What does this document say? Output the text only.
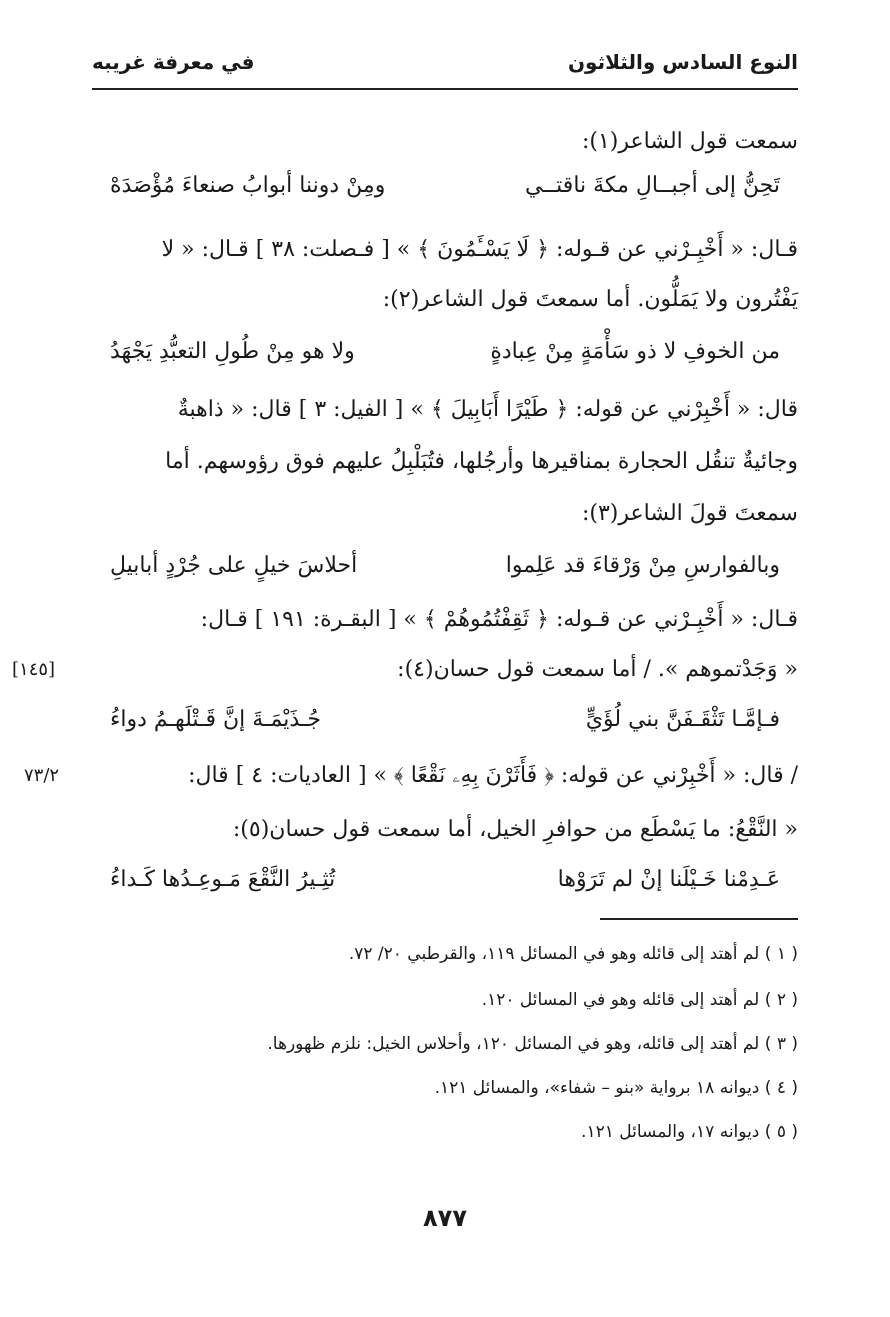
النوع السادس والثلاثون
في معرفة غريبه
سمعت قول الشاعر(١):
تَحِنُّ إلى أجبــالِ مكةَ ناقتــي
ومِنْ دوننا أبوابُ صنعاءَ مُؤْصَدَهْ
قـال: « أَخْبِـرْني عن قـوله: ﴿ لَا يَسْـَٔمُونَ ﴾ » [ فـصلت: ٣٨ ] قـال: « لا
يَفْتُرون ولا يَمَلُّون. أما سمعتَ قول الشاعر(٢):
من الخوفِ لا ذو سَأْمَةٍ مِنْ عِبادةٍ
ولا هو مِنْ طُولِ التعبُّدِ يَجْهَدُ
قال: « أَخْبِرْني عن قوله: ﴿ طَيْرًا أَبَابِيلَ ﴾ » [ الفيل: ٣ ] قال: « ذاهبةٌ
وجائيةٌ تنقُل الحجارة بمناقيرها وأرجُلها، فتُبَلْبِلُ عليهم فوق رؤوسهم. أما
سمعتَ قولَ الشاعر(٣):
وبالفوارسِ مِنْ وَرْقاءَ قد عَلِموا
أحلاسَ خيلٍ على جُرْدٍ أبابيلِ
قـال: « أَخْبِـرْني عن قـوله: ﴿ ثَقِفْتُمُوهُمْ ﴾ » [ البقـرة: ١٩١ ] قـال:
« وَجَدْتموهم ». / أما سمعت قول حسان(٤):
[١٤٥]
فـإمَّـا تَثْقَـفَنَّ بني لُؤَيٍّ
جُـذَيْمَـةَ إنَّ قَـتْلَهـمُ دواءُ
/ قال: « أَخْبِرْني عن قوله: ﴿ فَأَثَرْنَ بِهِۦ نَقْعًا ﴾ » [ العاديات: ٤ ] قال:
٧٣/٢
« النَّقْعُ: ما يَسْطَع من حوافرِ الخيل، أما سمعت قول حسان(٥):
عَـدِمْنا خَـيْلَنا إنْ لم تَرَوْها
تُثِـيرُ النَّقْعَ مَـوعِـدُها كَـداءُ
( ١ ) لم أهتد إلى قائله وهو في المسائل ١١٩، والقرطبي ٢٠/ ٧٢.
( ٢ ) لم أهتد إلى قائله وهو في المسائل ١٢٠.
( ٣ ) لم أهتد إلى قائله، وهو في المسائل ١٢٠، وأحلاس الخيل: نلزم ظهورها.
( ٤ ) ديوانه ١٨ برواية «بنو – شفاء»، والمسائل ١٢١.
( ٥ ) ديوانه ١٧، والمسائل ١٢١.
٨٧٧
